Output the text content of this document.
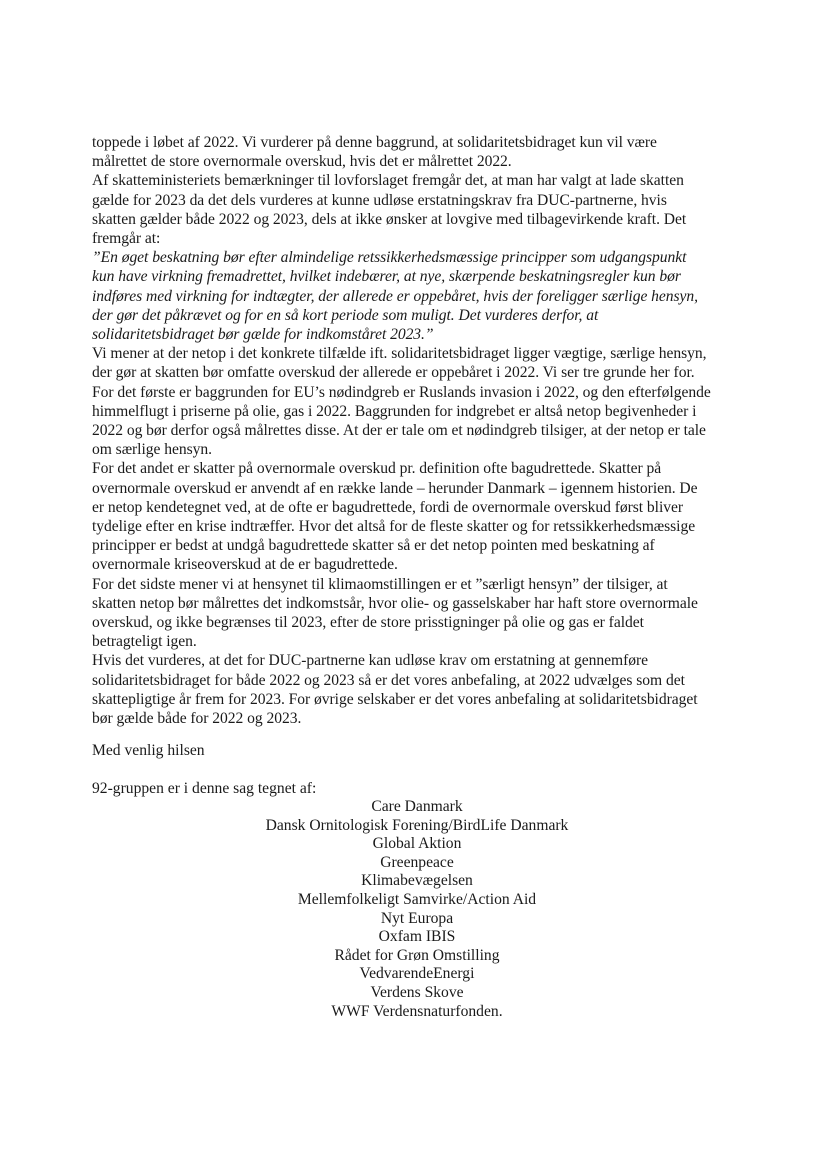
toppede i løbet af 2022. Vi vurderer på denne baggrund, at solidaritetsbidraget kun vil være
målrettet de store overnormale overskud, hvis det er målrettet 2022.
Af skatteministeriets bemærkninger til lovforslaget fremgår det, at man har valgt at lade skatten
gælde for 2023 da det dels vurderes at kunne udløse erstatningskrav fra DUC-partnerne, hvis
skatten gælder både 2022 og 2023, dels at ikke ønsker at lovgive med tilbagevirkende kraft. Det
fremgår at:
”En øget beskatning bør efter almindelige retssikkerhedsmæssige principper som udgangspunkt
kun have virkning fremadrettet, hvilket indebærer, at nye, skærpende beskatningsregler kun bør
indføres med virkning for indtægter, der allerede er oppebåret, hvis der foreligger særlige hensyn,
der gør det påkrævet og for en så kort periode som muligt. Det vurderes derfor, at
solidaritetsbidraget bør gælde for indkomståret 2023.”
Vi mener at der netop i det konkrete tilfælde ift. solidaritetsbidraget ligger vægtige, særlige hensyn,
der gør at skatten bør omfatte overskud der allerede er oppebåret i 2022. Vi ser tre grunde her for.
For det første er baggrunden for EU’s nødindgreb er Ruslands invasion i 2022, og den efterfølgende
himmelflugt i priserne på olie, gas i 2022. Baggrunden for indgrebet er altså netop begivenheder i
2022 og bør derfor også målrettes disse. At der er tale om et nødindgreb tilsiger, at der netop er tale
om særlige hensyn.
For det andet er skatter på overnormale overskud pr. definition ofte bagudrettede. Skatter på
overnormale overskud er anvendt af en række lande – herunder Danmark – igennem historien. De
er netop kendetegnet ved, at de ofte er bagudrettede, fordi de overnormale overskud først bliver
tydelige efter en krise indtræffer. Hvor det altså for de fleste skatter og for retssikkerhedsmæssige
principper er bedst at undgå bagudrettede skatter så er det netop pointen med beskatning af
overnormale kriseoverskud at de er bagudrettede.
For det sidste mener vi at hensynet til klimaomstillingen er et ”særligt hensyn” der tilsiger, at
skatten netop bør målrettes det indkomstsår, hvor olie- og gasselskaber har haft store overnormale
overskud, og ikke begrænses til 2023, efter de store prisstigninger på olie og gas er faldet
betragteligt igen.
Hvis det vurderes, at det for DUC-partnerne kan udløse krav om erstatning at gennemføre
solidaritetsbidraget for både 2022 og 2023 så er det vores anbefaling, at 2022 udvælges som det
skattepligtige år frem for 2023. For øvrige selskaber er det vores anbefaling at solidaritetsbidraget
bør gælde både for 2022 og 2023.
Med venlig hilsen
92-gruppen er i denne sag tegnet af:
Care Danmark
Dansk Ornitologisk Forening/BirdLife Danmark
Global Aktion
Greenpeace
Klimabevægelsen
Mellemfolkeligt Samvirke/Action Aid
Nyt Europa
Oxfam IBIS
Rådet for Grøn Omstilling
VedvarendeEnergi
Verdens Skove
WWF Verdensnaturfonden.
